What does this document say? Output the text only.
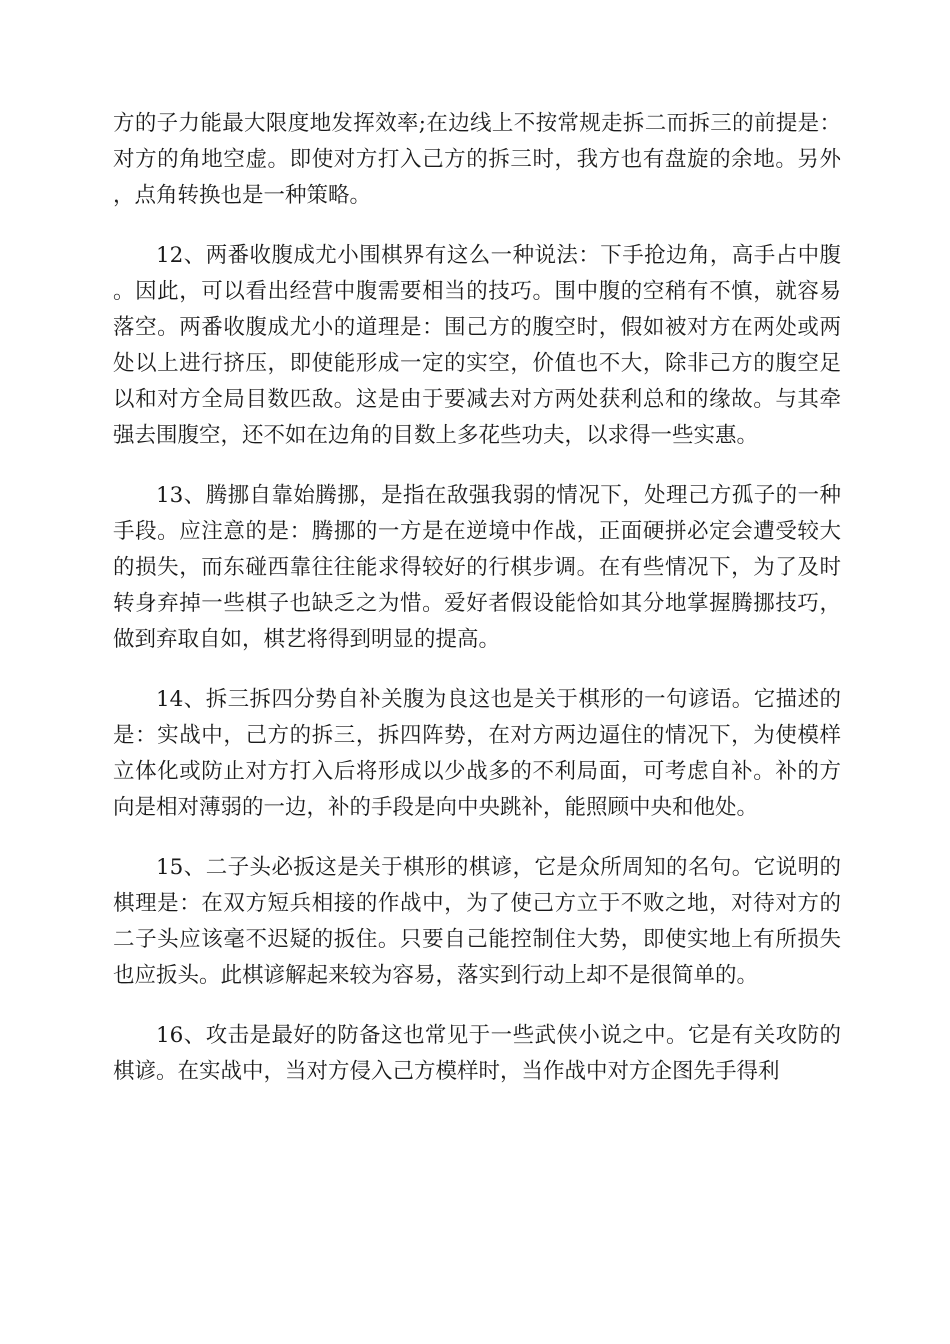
方的子力能最大限度地发挥效率;在边线上不按常规走拆二而拆三的前提是：对方的角地空虚。即使对方打入己方的拆三时，我方也有盘旋的余地。另外，点角转换也是一种策略。

12、两番收腹成尤小围棋界有这么一种说法：下手抢边角，高手占中腹。因此，可以看出经营中腹需要相当的技巧。围中腹的空稍有不慎，就容易落空。两番收腹成尤小的道理是：围己方的腹空时，假如被对方在两处或两处以上进行挤压，即使能形成一定的实空，价值也不大，除非己方的腹空足以和对方全局目数匹敌。这是由于要减去对方两处获利总和的缘故。与其牵强去围腹空，还不如在边角的目数上多花些功夫，以求得一些实惠。

13、腾挪自靠始腾挪，是指在敌强我弱的情况下，处理己方孤子的一种手段。应注意的是：腾挪的一方是在逆境中作战，正面硬拼必定会遭受较大的损失，而东碰西靠往往能求得较好的行棋步调。在有些情况下，为了及时转身弃掉一些棋子也缺乏之为惜。爱好者假设能恰如其分地掌握腾挪技巧，做到弃取自如，棋艺将得到明显的提高。

14、拆三拆四分势自补关腹为良这也是关于棋形的一句谚语。它描述的是：实战中，己方的拆三，拆四阵势，在对方两边逼住的情况下，为使模样立体化或防止对方打入后将形成以少战多的不利局面，可考虑自补。补的方向是相对薄弱的一边，补的手段是向中央跳补，能照顾中央和他处。

15、二子头必扳这是关于棋形的棋谚，它是众所周知的名句。它说明的棋理是：在双方短兵相接的作战中，为了使己方立于不败之地，对待对方的二子头应该毫不迟疑的扳住。只要自己能控制住大势，即使实地上有所损失也应扳头。此棋谚解起来较为容易，落实到行动上却不是很简单的。

16、攻击是最好的防备这也常见于一些武侠小说之中。它是有关攻防的棋谚。在实战中，当对方侵入己方模样时，当作战中对方企图先手得利
